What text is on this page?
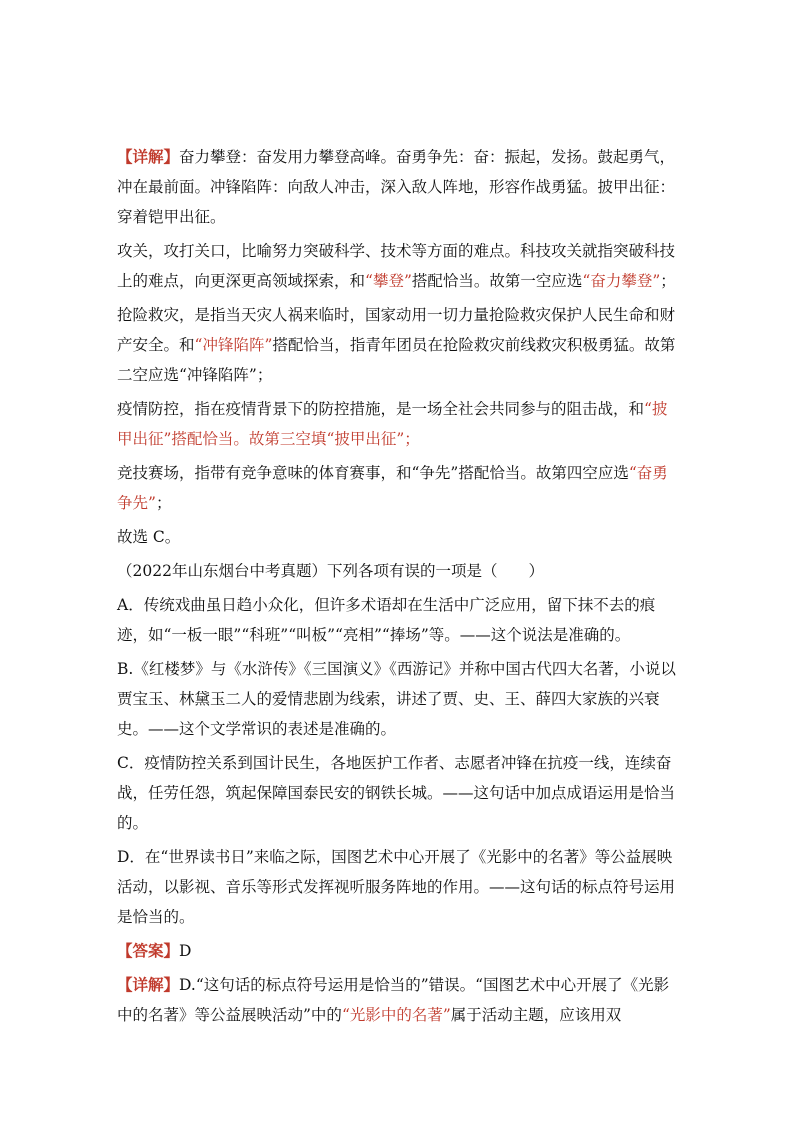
【详解】奋力攀登：奋发用力攀登高峰。奋勇争先：奋：振起，发扬。鼓起勇气，冲在最前面。冲锋陷阵：向敌人冲击，深入敌人阵地，形容作战勇猛。披甲出征：穿着铠甲出征。

攻关，攻打关口，比喻努力突破科学、技术等方面的难点。科技攻关就指突破科技上的难点，向更深更高领域探索，和“攀登”搭配恰当。故第一空应选“奋力攀登”；

抢险救灾，是指当天灾人祸来临时，国家动用一切力量抢险救灾保护人民生命和财产安全。和“冲锋陷阵”搭配恰当，指青年团员在抢险救灾前线救灾积极勇猛。故第二空应选“冲锋陷阵”；

疫情防控，指在疫情背景下的防控措施，是一场全社会共同参与的阻击战，和“披甲出征”搭配恰当。故第三空填“披甲出征”；

竞技赛场，指带有竞争意味的体育赛事，和“争先”搭配恰当。故第四空应选“奋勇争先”；

故选 C。

（2022年山东烟台中考真题）下列各项有误的一项是（　　）

A．传统戏曲虽日趋小众化，但许多术语却在生活中广泛应用，留下抹不去的痕迹，如“一板一眼”“科班”“叫板”“亮相”“捧场”等。——这个说法是准确的。

B.《红楼梦》与《水浒传》《三国演义》《西游记》并称中国古代四大名著，小说以贾宝玉、林黛玉二人的爱情悲剧为线索，讲述了贾、史、王、薛四大家族的兴衰史。——这个文学常识的表述是准确的。

C．疫情防控关系到国计民生，各地医护工作者、志愿者冲锋在抗疫一线，连续奋战，任劳任怨，筑起保障国泰民安的钢铁长城。——这句话中加点成语运用是恰当的。

D．在“世界读书日”来临之际，国图艺术中心开展了《光影中的名著》等公益展映活动，以影视、音乐等形式发挥视听服务阵地的作用。——这句话的标点符号运用是恰当的。

【答案】D

【详解】D.“这句话的标点符号运用是恰当的”错误。“国图艺术中心开展了《光影中的名著》等公益展映活动”中的“光影中的名著”属于活动主题，应该用双
